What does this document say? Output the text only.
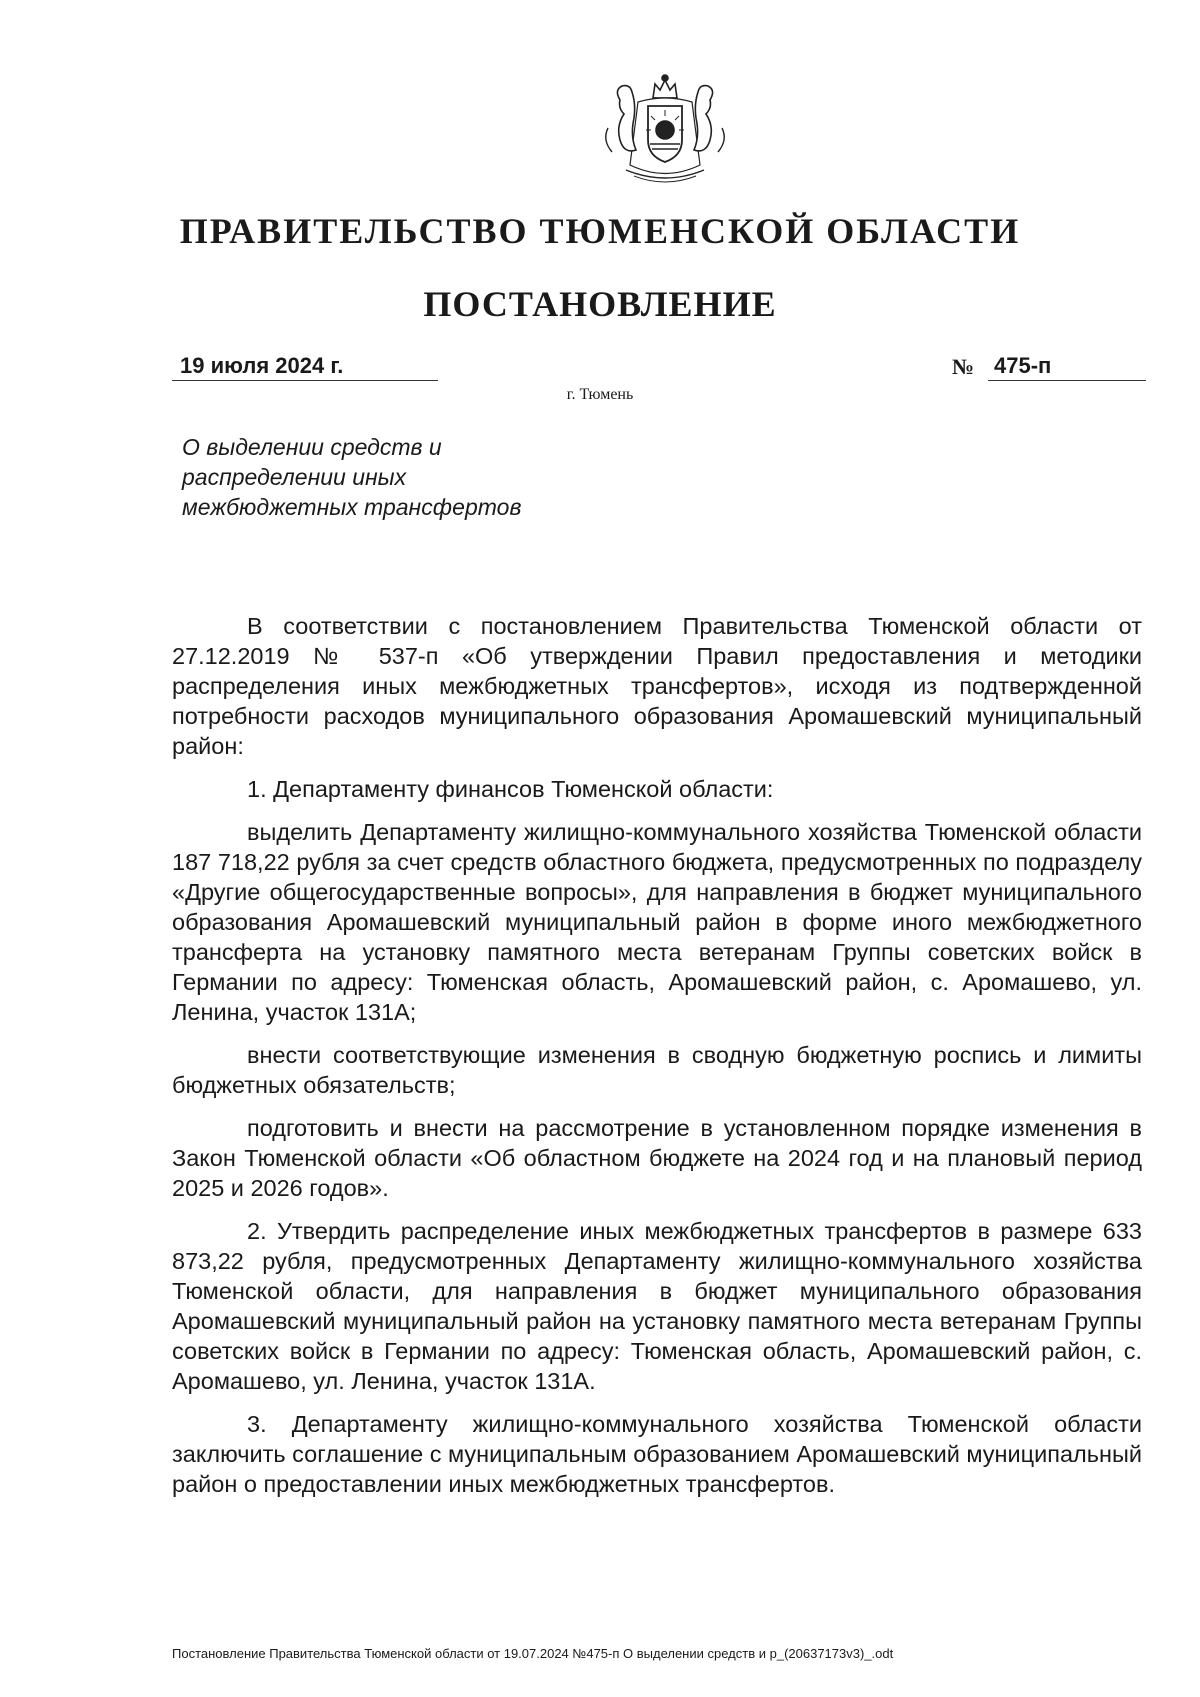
ПРАВИТЕЛЬСТВО ТЮМЕНСКОЙ ОБЛАСТИ
ПОСТАНОВЛЕНИЕ
19 июля 2024 г.	№ 475-п
г. Тюмень
О выделении средств и
распределении иных
межбюджетных трансфертов

В соответствии с постановлением Правительства Тюменской области от 27.12.2019 № 537-п «Об утверждении Правил предоставления и методики распределения иных межбюджетных трансфертов», исходя из подтвержденной потребности расходов муниципального образования Аромашевский муниципальный район:

1. Департаменту финансов Тюменской области:

выделить Департаменту жилищно-коммунального хозяйства Тюменской области 187 718,22 рубля за счет средств областного бюджета, предусмотренных по подразделу «Другие общегосударственные вопросы», для направления в бюджет муниципального образования Аромашевский муниципальный район в форме иного межбюджетного трансферта на установку памятного места ветеранам Группы советских войск в Германии по адресу: Тюменская область, Аромашевский район, с. Аромашево, ул. Ленина, участок 131А;

внести соответствующие изменения в сводную бюджетную роспись и лимиты бюджетных обязательств;

подготовить и внести на рассмотрение в установленном порядке изменения в Закон Тюменской области «Об областном бюджете на 2024 год и на плановый период 2025 и 2026 годов».

2. Утвердить распределение иных межбюджетных трансфертов в размере 633 873,22 рубля, предусмотренных Департаменту жилищно-коммунального хозяйства Тюменской области, для направления в бюджет муниципального образования Аромашевский муниципальный район на установку памятного места ветеранам Группы советских войск в Германии по адресу: Тюменская область, Аромашевский район, с. Аромашево, ул. Ленина, участок 131А.

3. Департаменту жилищно-коммунального хозяйства Тюменской области заключить соглашение с муниципальным образованием Аромашевский муниципальный район о предоставлении иных межбюджетных трансфертов.

Постановление Правительства Тюменской области от 19.07.2024 №475-п О выделении средств и р_(20637173v3)_.odt
